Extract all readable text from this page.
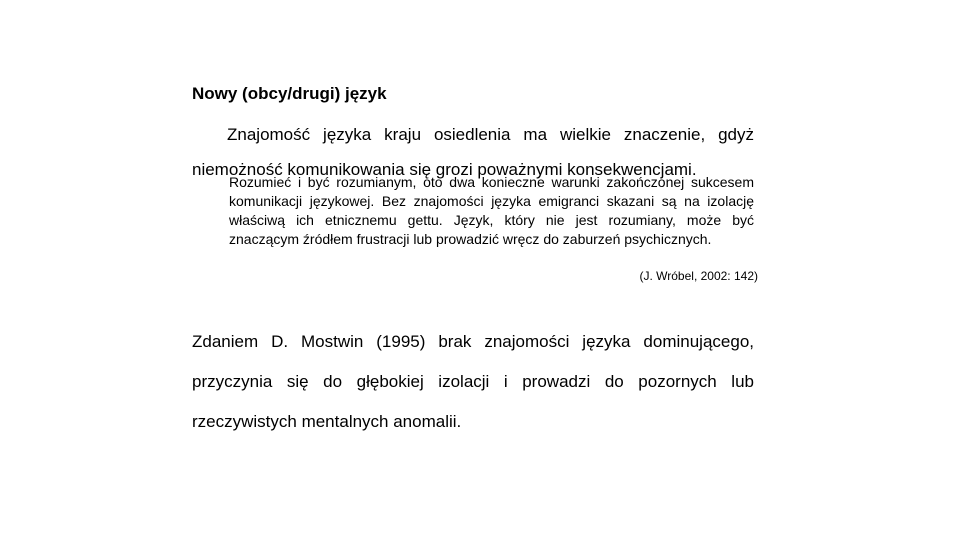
Nowy (obcy/drugi) język

Znajomość języka kraju osiedlenia ma wielkie znaczenie, gdyż niemożność komunikowania się grozi poważnymi konsekwencjami.

Rozumieć i być rozumianym, oto dwa konieczne warunki zakończonej sukcesem komunikacji językowej. Bez znajomości języka emigranci skazani są na izolację właściwą ich etnicznemu gettu. Język, który nie jest rozumiany, może być znaczącym źródłem frustracji lub prowadzić wręcz do zaburzeń psychicznych.

(J. Wróbel, 2002: 142)

Zdaniem D. Mostwin (1995) brak znajomości języka dominującego, przyczynia się do głębokiej izolacji i prowadzi do pozornych lub rzeczywistych mentalnych anomalii.
